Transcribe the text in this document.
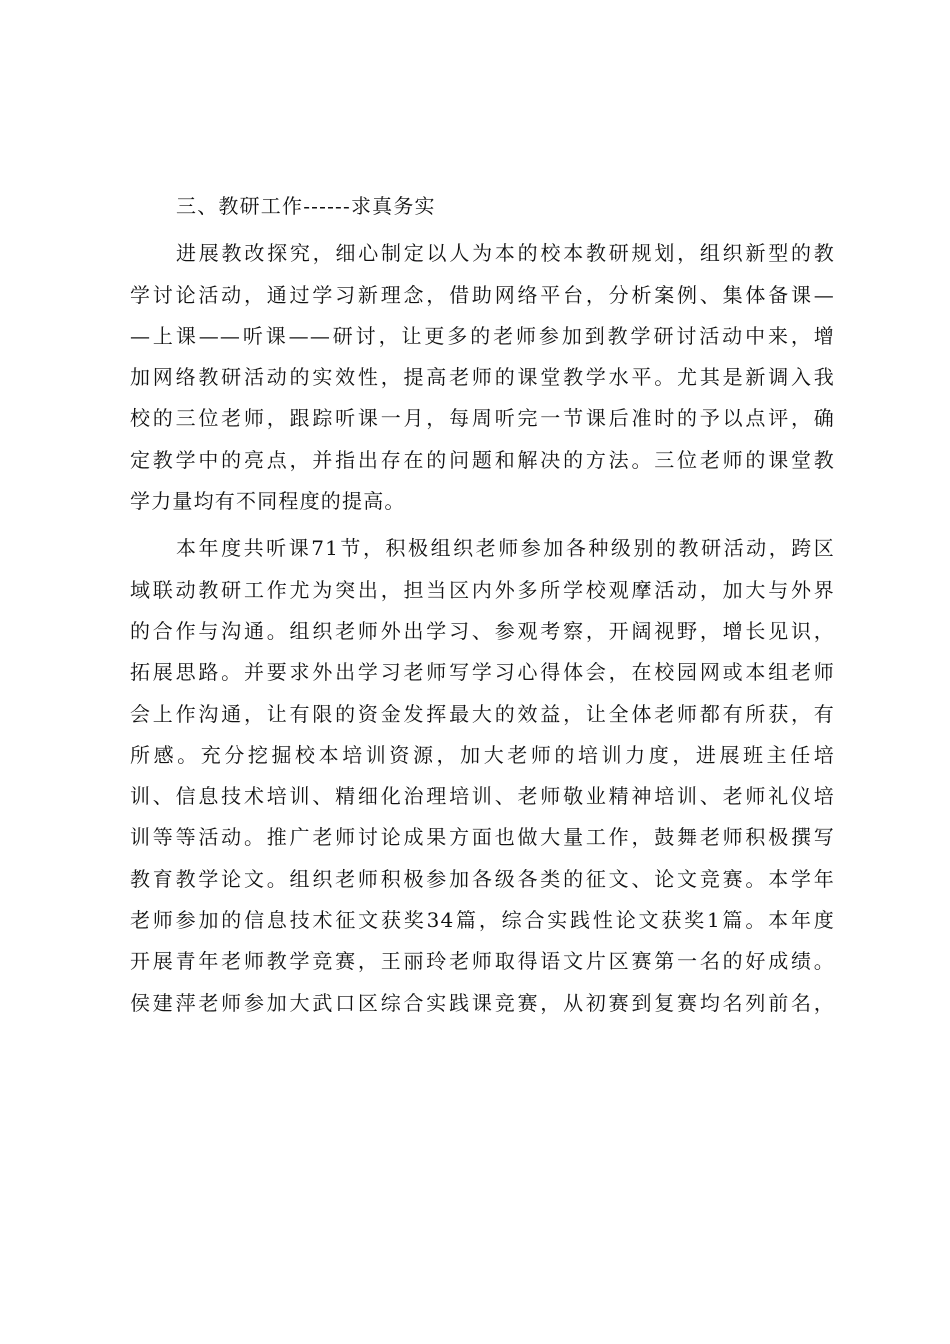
三、教研工作------求真务实
进展教改探究，细心制定以人为本的校本教研规划，组织新型的教
学讨论活动，通过学习新理念，借助网络平台，分析案例、集体备课—
—上课——听课——研讨，让更多的老师参加到教学研讨活动中来，增
加网络教研活动的实效性，提高老师的课堂教学水平。尤其是新调入我
校的三位老师，跟踪听课一月，每周听完一节课后准时的予以点评，确
定教学中的亮点，并指出存在的问题和解决的方法。三位老师的课堂教
学力量均有不同程度的提高。
本年度共听课71节，积极组织老师参加各种级别的教研活动，跨区
域联动教研工作尤为突出，担当区内外多所学校观摩活动，加大与外界
的合作与沟通。组织老师外出学习、参观考察，开阔视野，增长见识，
拓展思路。并要求外出学习老师写学习心得体会，在校园网或本组老师
会上作沟通，让有限的资金发挥最大的效益，让全体老师都有所获，有
所感。充分挖掘校本培训资源，加大老师的培训力度，进展班主任培
训、信息技术培训、精细化治理培训、老师敬业精神培训、老师礼仪培
训等等活动。推广老师讨论成果方面也做大量工作，鼓舞老师积极撰写
教育教学论文。组织老师积极参加各级各类的征文、论文竞赛。本学年
老师参加的信息技术征文获奖34篇，综合实践性论文获奖1篇。本年度
开展青年老师教学竞赛，王丽玲老师取得语文片区赛第一名的好成绩。
侯建萍老师参加大武口区综合实践课竞赛，从初赛到复赛均名列前名，
